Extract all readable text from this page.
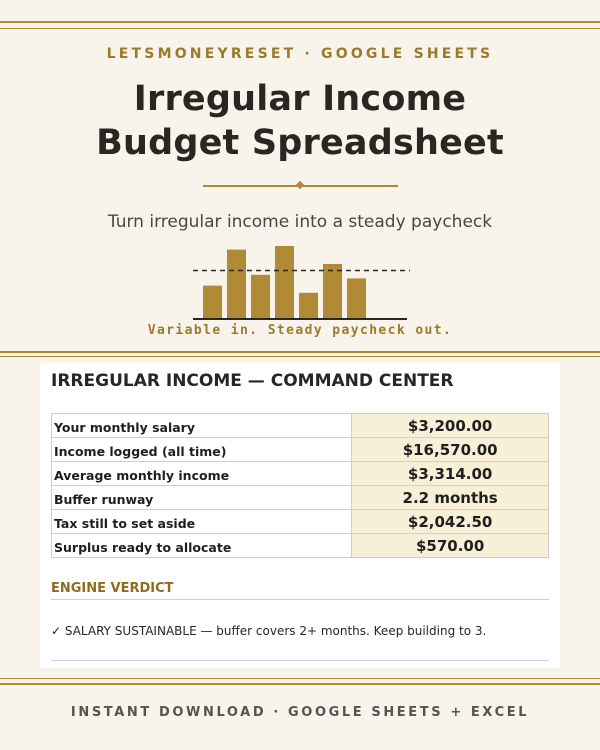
LETSMONEYRESET · GOOGLE SHEETS
Irregular Income
Budget Spreadsheet
Turn irregular income into a steady paycheck
Variable in. Steady paycheck out.
IRREGULAR INCOME — COMMAND CENTER
Your monthly salary	$3,200.00
Income logged (all time)	$16,570.00
Average monthly income	$3,314.00
Buffer runway	2.2 months
Tax still to set aside	$2,042.50
Surplus ready to allocate	$570.00
ENGINE VERDICT
✓ SALARY SUSTAINABLE — buffer covers 2+ months. Keep building to 3.
INSTANT DOWNLOAD · GOOGLE SHEETS + EXCEL
